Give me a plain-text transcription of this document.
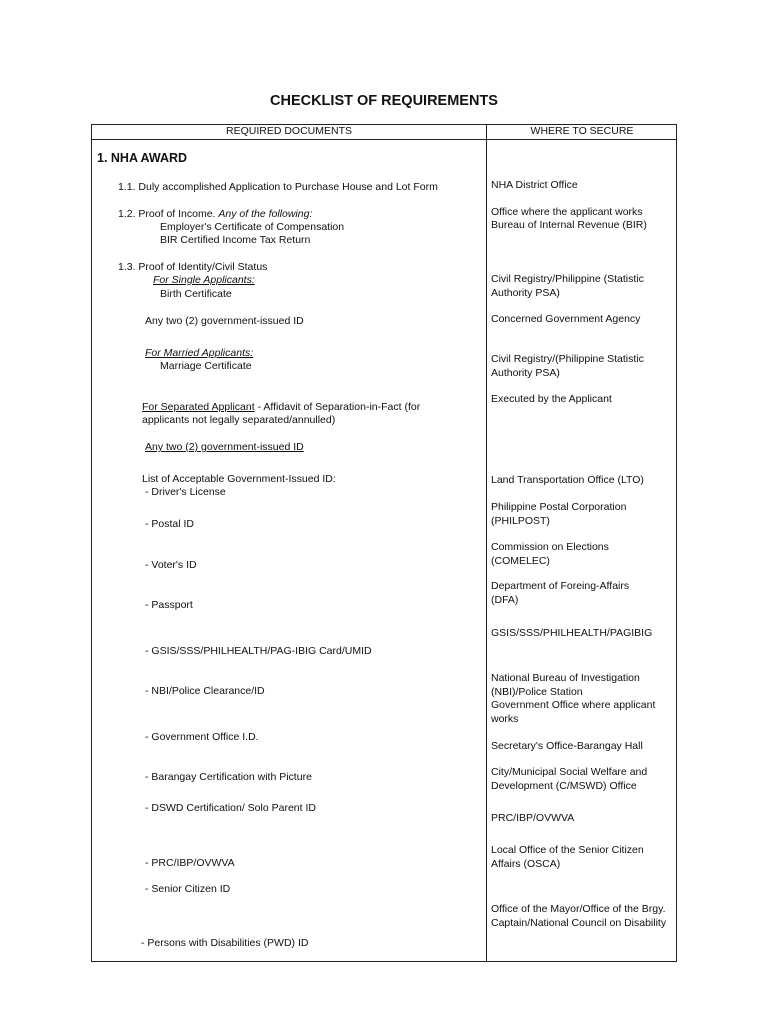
CHECKLIST OF REQUIREMENTS
REQUIRED DOCUMENTS	WHERE TO SECURE
1. NHA AWARD
1.1. Duly accomplished Application to Purchase House and Lot Form
1.2. Proof of Income. Any of the following:
Employer's Certificate of Compensation
BIR Certified Income Tax Return
1.3. Proof of Identity/Civil Status
For Single Applicants:
Birth Certificate
Any two (2) government-issued ID
For Married Applicants:
Marriage Certificate
For Separated Applicant - Affidavit of Separation-in-Fact (for
applicants not legally separated/annulled)
Any two (2) government-issued ID
List of Acceptable Government-Issued ID:
- Driver's License
- Postal ID
- Voter's ID
- Passport
- GSIS/SSS/PHILHEALTH/PAG-IBIG Card/UMID
- NBI/Police Clearance/ID
- Government Office I.D.
- Barangay Certification with Picture
- DSWD Certification/ Solo Parent ID
- PRC/IBP/OVWVA
- Senior Citizen ID
- Persons with Disabilities (PWD) ID
NHA District Office
Office where the applicant works
Bureau of Internal Revenue (BIR)
Civil Registry/Philippine (Statistic Authority PSA)
Concerned Government Agency
Civil Registry/(Philippine Statistic Authority PSA)
Executed by the Applicant
Land Transportation Office (LTO)
Philippine Postal Corporation (PHILPOST)
Commission on Elections (COMELEC)
Department of Foreing-Affairs (DFA)
GSIS/SSS/PHILHEALTH/PAGIBIG
National Bureau of Investigation (NBI)/Police Station
Government Office where applicant works
Secretary's Office-Barangay Hall
City/Municipal Social Welfare and Development (C/MSWD) Office
PRC/IBP/OVWVA
Local Office of the Senior Citizen Affairs (OSCA)
Office of the Mayor/Office of the Brgy. Captain/National Council on Disability
